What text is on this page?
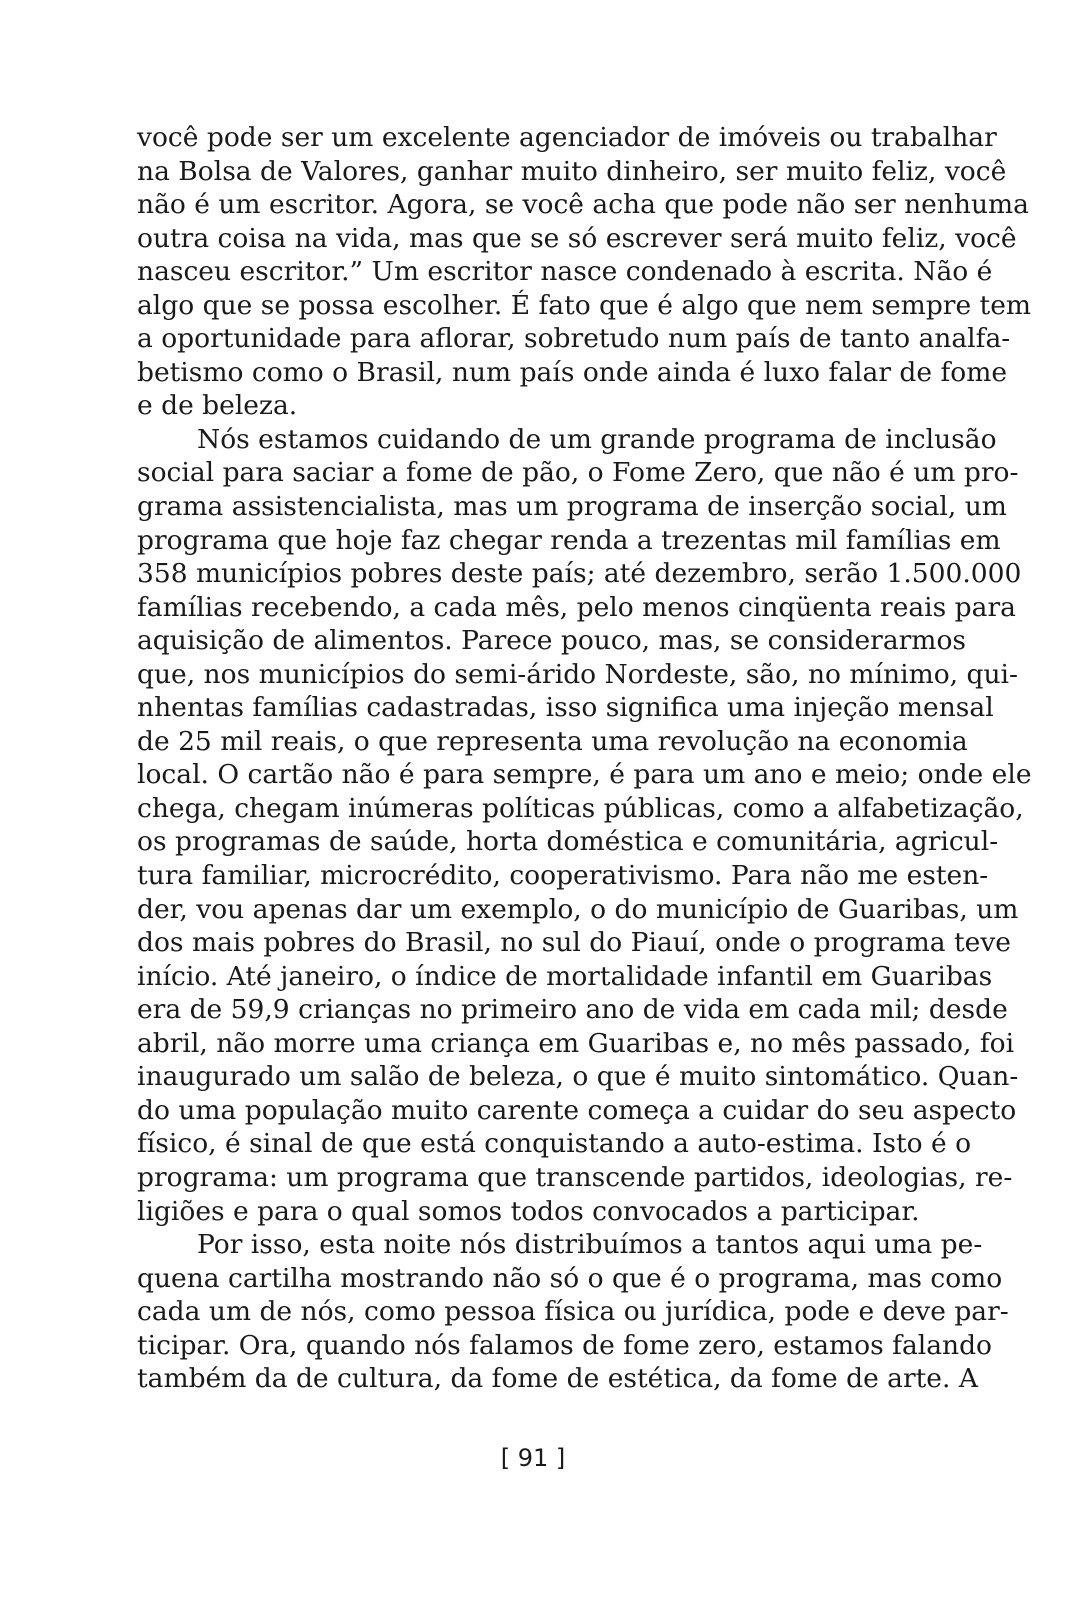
você pode ser um excelente agenciador de imóveis ou trabalhar
na Bolsa de Valores, ganhar muito dinheiro, ser muito feliz, você
não é um escritor. Agora, se você acha que pode não ser nenhuma
outra coisa na vida, mas que se só escrever será muito feliz, você
nasceu escritor.” Um escritor nasce condenado à escrita. Não é
algo que se possa escolher. É fato que é algo que nem sempre tem
a oportunidade para aflorar, sobretudo num país de tanto analfa-
betismo como o Brasil, num país onde ainda é luxo falar de fome
e de beleza.
Nós estamos cuidando de um grande programa de inclusão
social para saciar a fome de pão, o Fome Zero, que não é um pro-
grama assistencialista, mas um programa de inserção social, um
programa que hoje faz chegar renda a trezentas mil famílias em
358 municípios pobres deste país; até dezembro, serão 1.500.000
famílias recebendo, a cada mês, pelo menos cinqüenta reais para
aquisição de alimentos. Parece pouco, mas, se considerarmos
que, nos municípios do semi-árido Nordeste, são, no mínimo, qui-
nhentas famílias cadastradas, isso significa uma injeção mensal
de 25 mil reais, o que representa uma revolução na economia
local. O cartão não é para sempre, é para um ano e meio; onde ele
chega, chegam inúmeras políticas públicas, como a alfabetização,
os programas de saúde, horta doméstica e comunitária, agricul-
tura familiar, microcrédito, cooperativismo. Para não me esten-
der, vou apenas dar um exemplo, o do município de Guaribas, um
dos mais pobres do Brasil, no sul do Piauí, onde o programa teve
início. Até janeiro, o índice de mortalidade infantil em Guaribas
era de 59,9 crianças no primeiro ano de vida em cada mil; desde
abril, não morre uma criança em Guaribas e, no mês passado, foi
inaugurado um salão de beleza, o que é muito sintomático. Quan-
do uma população muito carente começa a cuidar do seu aspecto
físico, é sinal de que está conquistando a auto-estima. Isto é o
programa: um programa que transcende partidos, ideologias, re-
ligiões e para o qual somos todos convocados a participar.
Por isso, esta noite nós distribuímos a tantos aqui uma pe-
quena cartilha mostrando não só o que é o programa, mas como
cada um de nós, como pessoa física ou jurídica, pode e deve par-
ticipar. Ora, quando nós falamos de fome zero, estamos falando
também da de cultura, da fome de estética, da fome de arte. A
[ 91 ]
